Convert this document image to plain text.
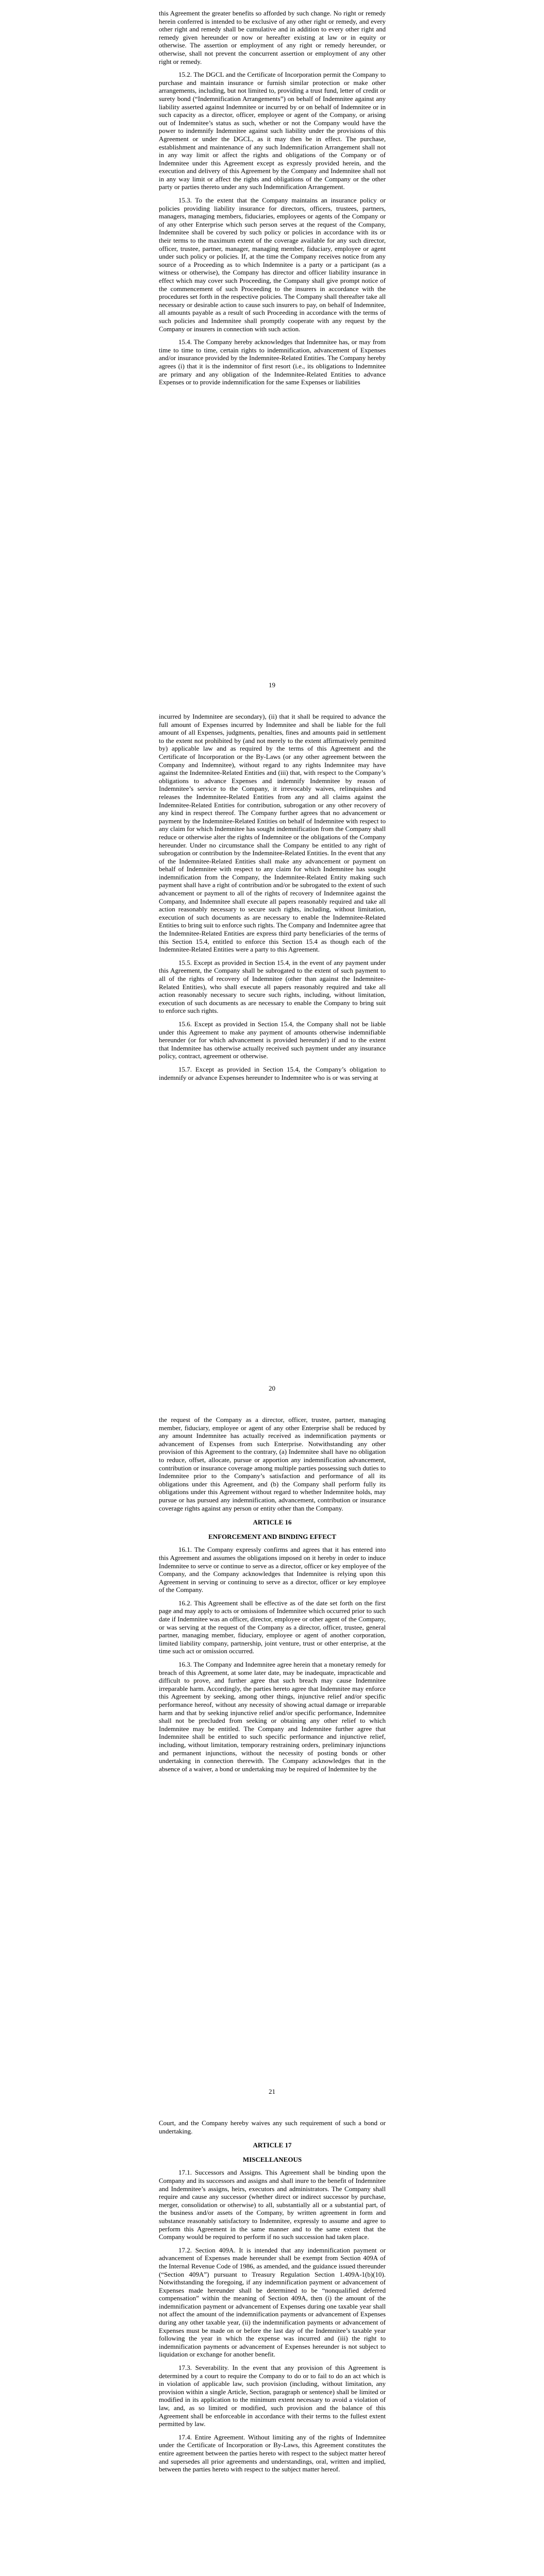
this Agreement the greater benefits so afforded by such change. No right or remedy herein conferred is intended to be exclusive of any other right or remedy, and every other right and remedy shall be cumulative and in addition to every other right and remedy given hereunder or now or hereafter existing at law or in equity or otherwise. The assertion or employment of any right or remedy hereunder, or otherwise, shall not prevent the concurrent assertion or employment of any other right or remedy.

15.2. The DGCL and the Certificate of Incorporation permit the Company to purchase and maintain insurance or furnish similar protection or make other arrangements, including, but not limited to, providing a trust fund, letter of credit or surety bond (“Indemnification Arrangements”) on behalf of Indemnitee against any liability asserted against Indemnitee or incurred by or on behalf of Indemnitee or in such capacity as a director, officer, employee or agent of the Company, or arising out of Indemnitee’s status as such, whether or not the Company would have the power to indemnify Indemnitee against such liability under the provisions of this Agreement or under the DGCL, as it may then be in effect. The purchase, establishment and maintenance of any such Indemnification Arrangement shall not in any way limit or affect the rights and obligations of the Company or of Indemnitee under this Agreement except as expressly provided herein, and the execution and delivery of this Agreement by the Company and Indemnitee shall not in any way limit or affect the rights and obligations of the Company or the other party or parties thereto under any such Indemnification Arrangement.

15.3. To the extent that the Company maintains an insurance policy or policies providing liability insurance for directors, officers, trustees, partners, managers, managing members, fiduciaries, employees or agents of the Company or of any other Enterprise which such person serves at the request of the Company, Indemnitee shall be covered by such policy or policies in accordance with its or their terms to the maximum extent of the coverage available for any such director, officer, trustee, partner, manager, managing member, fiduciary, employee or agent under such policy or policies. If, at the time the Company receives notice from any source of a Proceeding as to which Indemnitee is a party or a participant (as a witness or otherwise), the Company has director and officer liability insurance in effect which may cover such Proceeding, the Company shall give prompt notice of the commencement of such Proceeding to the insurers in accordance with the procedures set forth in the respective policies. The Company shall thereafter take all necessary or desirable action to cause such insurers to pay, on behalf of Indemnitee, all amounts payable as a result of such Proceeding in accordance with the terms of such policies and Indemnitee shall promptly cooperate with any request by the Company or insurers in connection with such action.

15.4. The Company hereby acknowledges that Indemnitee has, or may from time to time to time, certain rights to indemnification, advancement of Expenses and/or insurance provided by the Indemnitee-Related Entities. The Company hereby agrees (i) that it is the indemnitor of first resort (i.e., its obligations to Indemnitee are primary and any obligation of the Indemnitee-Related Entities to advance Expenses or to provide indemnification for the same Expenses or liabilities

19

incurred by Indemnitee are secondary), (ii) that it shall be required to advance the full amount of Expenses incurred by Indemnitee and shall be liable for the full amount of all Expenses, judgments, penalties, fines and amounts paid in settlement to the extent not prohibited by (and not merely to the extent affirmatively permitted by) applicable law and as required by the terms of this Agreement and the Certificate of Incorporation or the By-Laws (or any other agreement between the Company and Indemnitee), without regard to any rights Indemnitee may have against the Indemnitee-Related Entities and (iii) that, with respect to the Company’s obligations to advance Expenses and indemnify Indemnitee by reason of Indemnitee’s service to the Company, it irrevocably waives, relinquishes and releases the Indemnitee-Related Entities from any and all claims against the Indemnitee-Related Entities for contribution, subrogation or any other recovery of any kind in respect thereof. The Company further agrees that no advancement or payment by the Indemnitee-Related Entities on behalf of Indemnitee with respect to any claim for which Indemnitee has sought indemnification from the Company shall reduce or otherwise alter the rights of Indemnitee or the obligations of the Company hereunder. Under no circumstance shall the Company be entitled to any right of subrogation or contribution by the Indemnitee-Related Entities. In the event that any of the Indemnitee-Related Entities shall make any advancement or payment on behalf of Indemnitee with respect to any claim for which Indemnitee has sought indemnification from the Company, the Indemnitee-Related Entity making such payment shall have a right of contribution and/or be subrogated to the extent of such advancement or payment to all of the rights of recovery of Indemnitee against the Company, and Indemnitee shall execute all papers reasonably required and take all action reasonably necessary to secure such rights, including, without limitation, execution of such documents as are necessary to enable the Indemnitee-Related Entities to bring suit to enforce such rights. The Company and Indemnitee agree that the Indemnitee-Related Entities are express third party beneficiaries of the terms of this Section 15.4, entitled to enforce this Section 15.4 as though each of the Indemnitee-Related Entities were a party to this Agreement.

15.5. Except as provided in Section 15.4, in the event of any payment under this Agreement, the Company shall be subrogated to the extent of such payment to all of the rights of recovery of Indemnitee (other than against the Indemnitee-Related Entities), who shall execute all papers reasonably required and take all action reasonably necessary to secure such rights, including, without limitation, execution of such documents as are necessary to enable the Company to bring suit to enforce such rights.

15.6. Except as provided in Section 15.4, the Company shall not be liable under this Agreement to make any payment of amounts otherwise indemnifiable hereunder (or for which advancement is provided hereunder) if and to the extent that Indemnitee has otherwise actually received such payment under any insurance policy, contract, agreement or otherwise.

15.7. Except as provided in Section 15.4, the Company’s obligation to indemnify or advance Expenses hereunder to Indemnitee who is or was serving at

20

the request of the Company as a director, officer, trustee, partner, managing member, fiduciary, employee or agent of any other Enterprise shall be reduced by any amount Indemnitee has actually received as indemnification payments or advancement of Expenses from such Enterprise. Notwithstanding any other provision of this Agreement to the contrary, (a) Indemnitee shall have no obligation to reduce, offset, allocate, pursue or apportion any indemnification advancement, contribution or insurance coverage among multiple parties possessing such duties to Indemnitee prior to the Company’s satisfaction and performance of all its obligations under this Agreement, and (b) the Company shall perform fully its obligations under this Agreement without regard to whether Indemnitee holds, may pursue or has pursued any indemnification, advancement, contribution or insurance coverage rights against any person or entity other than the Company.

ARTICLE 16

ENFORCEMENT AND BINDING EFFECT

16.1. The Company expressly confirms and agrees that it has entered into this Agreement and assumes the obligations imposed on it hereby in order to induce Indemnitee to serve or continue to serve as a director, officer or key employee of the Company, and the Company acknowledges that Indemnitee is relying upon this Agreement in serving or continuing to serve as a director, officer or key employee of the Company.

16.2. This Agreement shall be effective as of the date set forth on the first page and may apply to acts or omissions of Indemnitee which occurred prior to such date if Indemnitee was an officer, director, employee or other agent of the Company, or was serving at the request of the Company as a director, officer, trustee, general partner, managing member, fiduciary, employee or agent of another corporation, limited liability company, partnership, joint venture, trust or other enterprise, at the time such act or omission occurred.

16.3. The Company and Indemnitee agree herein that a monetary remedy for breach of this Agreement, at some later date, may be inadequate, impracticable and difficult to prove, and further agree that such breach may cause Indemnitee irreparable harm. Accordingly, the parties hereto agree that Indemnitee may enforce this Agreement by seeking, among other things, injunctive relief and/or specific performance hereof, without any necessity of showing actual damage or irreparable harm and that by seeking injunctive relief and/or specific performance, Indemnitee shall not be precluded from seeking or obtaining any other relief to which Indemnitee may be entitled. The Company and Indemnitee further agree that Indemnitee shall be entitled to such specific performance and injunctive relief, including, without limitation, temporary restraining orders, preliminary injunctions and permanent injunctions, without the necessity of posting bonds or other undertaking in connection therewith. The Company acknowledges that in the absence of a waiver, a bond or undertaking may be required of Indemnitee by the

21

Court, and the Company hereby waives any such requirement of such a bond or undertaking.

ARTICLE 17

MISCELLANEOUS

17.1. Successors and Assigns. This Agreement shall be binding upon the Company and its successors and assigns and shall inure to the benefit of Indemnitee and Indemnitee’s assigns, heirs, executors and administrators. The Company shall require and cause any successor (whether direct or indirect successor by purchase, merger, consolidation or otherwise) to all, substantially all or a substantial part, of the business and/or assets of the Company, by written agreement in form and substance reasonably satisfactory to Indemnitee, expressly to assume and agree to perform this Agreement in the same manner and to the same extent that the Company would be required to perform if no such succession had taken place.

17.2. Section 409A. It is intended that any indemnification payment or advancement of Expenses made hereunder shall be exempt from Section 409A of the Internal Revenue Code of 1986, as amended, and the guidance issued thereunder (“Section 409A”) pursuant to Treasury Regulation Section 1.409A-1(b)(10). Notwithstanding the foregoing, if any indemnification payment or advancement of Expenses made hereunder shall be determined to be “nonqualified deferred compensation” within the meaning of Section 409A, then (i) the amount of the indemnification payment or advancement of Expenses during one taxable year shall not affect the amount of the indemnification payments or advancement of Expenses during any other taxable year, (ii) the indemnification payments or advancement of Expenses must be made on or before the last day of the Indemnitee’s taxable year following the year in which the expense was incurred and (iii) the right to indemnification payments or advancement of Expenses hereunder is not subject to liquidation or exchange for another benefit.

17.3. Severability. In the event that any provision of this Agreement is determined by a court to require the Company to do or to fail to do an act which is in violation of applicable law, such provision (including, without limitation, any provision within a single Article, Section, paragraph or sentence) shall be limited or modified in its application to the minimum extent necessary to avoid a violation of law, and, as so limited or modified, such provision and the balance of this Agreement shall be enforceable in accordance with their terms to the fullest extent permitted by law.

17.4. Entire Agreement. Without limiting any of the rights of Indemnitee under the Certificate of Incorporation or By-Laws, this Agreement constitutes the entire agreement between the parties hereto with respect to the subject matter hereof and supersedes all prior agreements and understandings, oral, written and implied, between the parties hereto with respect to the subject matter hereof.
